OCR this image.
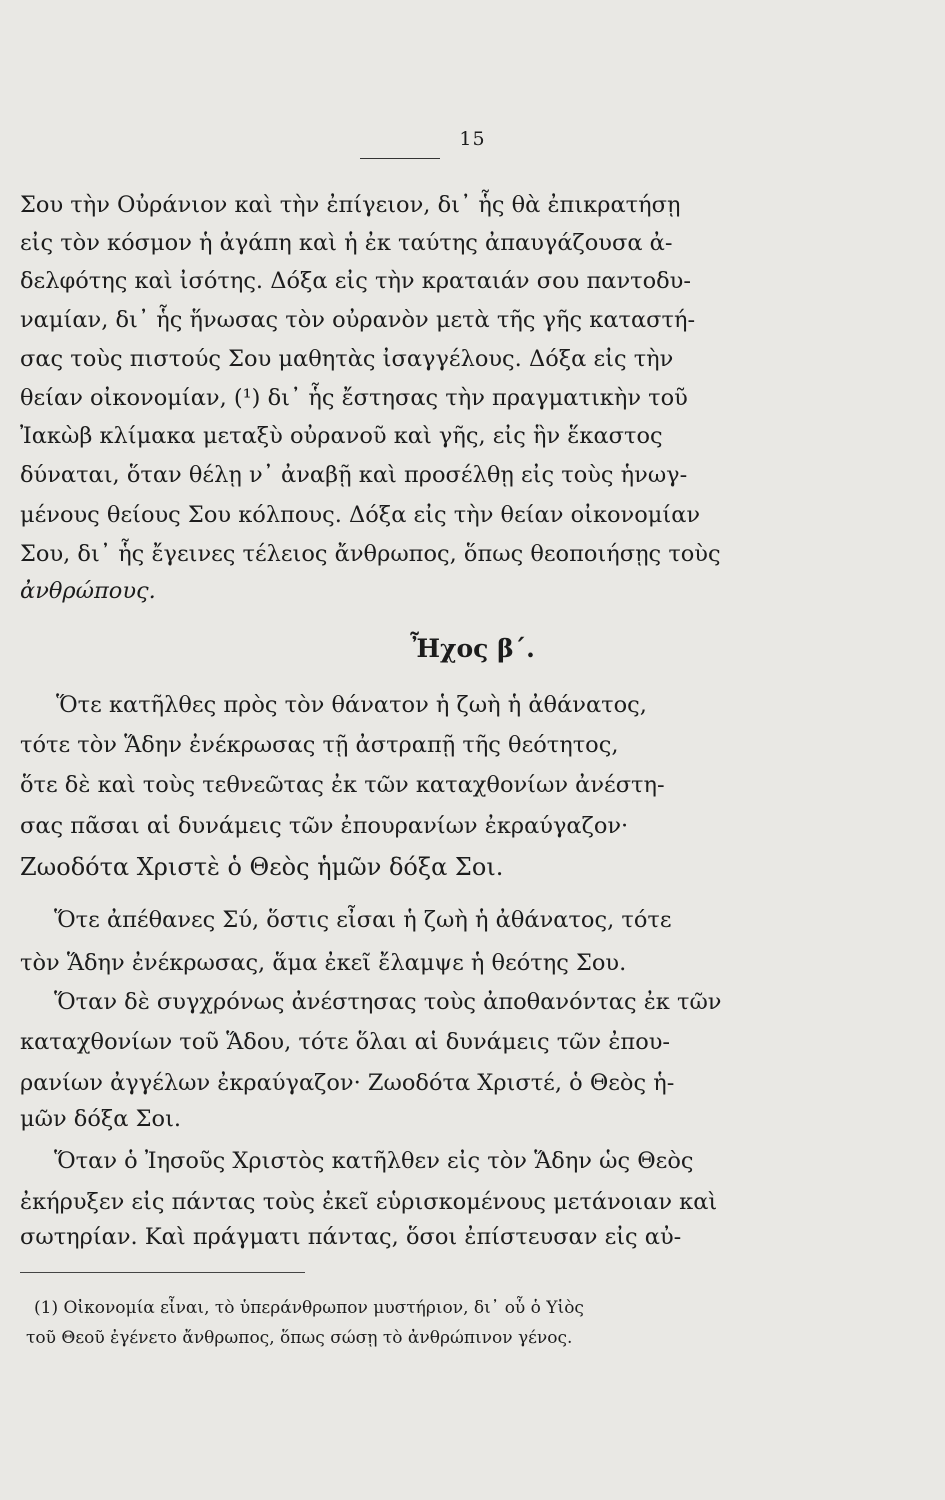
15
Σου τὴν Οὐράνιον καὶ τὴν ἐπίγειον, δι᾽ ἧς θὰ ἐπικρατήσῃ
εἰς τὸν κόσμον ἡ ἀγάπη καὶ ἡ ἐκ ταύτης ἀπαυγάζουσα ἀ-
δελφότης καὶ ἰσότης. Δόξα εἰς τὴν κραταιάν σου παντοδυ-
ναμίαν, δι᾽ ἧς ἥνωσας τὸν οὐρανὸν μετὰ τῆς γῆς καταστή-
σας τοὺς πιστούς Σου μαθητὰς ἰσαγγέλους. Δόξα εἰς τὴν
θείαν οἰκονομίαν, (¹) δι᾽ ἧς ἔστησας τὴν πραγματικὴν τοῦ
Ἰακὼβ κλίμακα μεταξὺ οὐρανοῦ καὶ γῆς, εἰς ἣν ἕκαστος
δύναται, ὅταν θέλῃ ν᾽ ἀναβῇ καὶ προσέλθῃ εἰς τοὺς ἡνωγ-
μένους θείους Σου κόλπους. Δόξα εἰς τὴν θείαν οἰκονομίαν
Σου, δι᾽ ἧς ἔγεινες τέλειος ἄνθρωπος, ὅπως θεοποιήσῃς τοὺς
ἀνθρώπους.
Ἦχος β΄.
Ὅτε κατῆλθες πρὸς τὸν θάνατον ἡ ζωὴ ἡ ἀθάνατος,
τότε τὸν Ἅδην ἐνέκρωσας τῇ ἀστραπῇ τῆς θεότητος,
ὅτε δὲ καὶ τοὺς τεθνεῶτας ἐκ τῶν καταχθονίων ἀνέστη-
σας πᾶσαι αἱ δυνάμεις τῶν ἐπουρανίων ἐκραύγαζον·
Ζωοδότα Χριστὲ ὁ Θεὸς ἡμῶν δόξα Σοι.
Ὅτε ἀπέθανες Σύ, ὅστις εἶσαι ἡ ζωὴ ἡ ἀθάνατος, τότε
τὸν Ἅδην ἐνέκρωσας, ἅμα ἐκεῖ ἔλαμψε ἡ θεότης Σου.
Ὅταν δὲ συγχρόνως ἀνέστησας τοὺς ἀποθανόντας ἐκ τῶν
καταχθονίων τοῦ Ἅδου, τότε ὅλαι αἱ δυνάμεις τῶν ἐπου-
ρανίων ἀγγέλων ἐκραύγαζον· Ζωοδότα Χριστέ, ὁ Θεὸς ἡ-
μῶν δόξα Σοι.
Ὅταν ὁ Ἰησοῦς Χριστὸς κατῆλθεν εἰς τὸν Ἅδην ὡς Θεὸς
ἐκήρυξεν εἰς πάντας τοὺς ἐκεῖ εὑρισκομένους μετάνοιαν καὶ
σωτηρίαν. Καὶ πράγματι πάντας, ὅσοι ἐπίστευσαν εἰς αὐ-
(1) Οἰκονομία εἶναι, τὸ ὑπεράνθρωπον μυστήριον, δι᾽ οὗ ὁ Υἱὸς
τοῦ Θεοῦ ἐγένετο ἄνθρωπος, ὅπως σώσῃ τὸ ἀνθρώπινον γένος.
